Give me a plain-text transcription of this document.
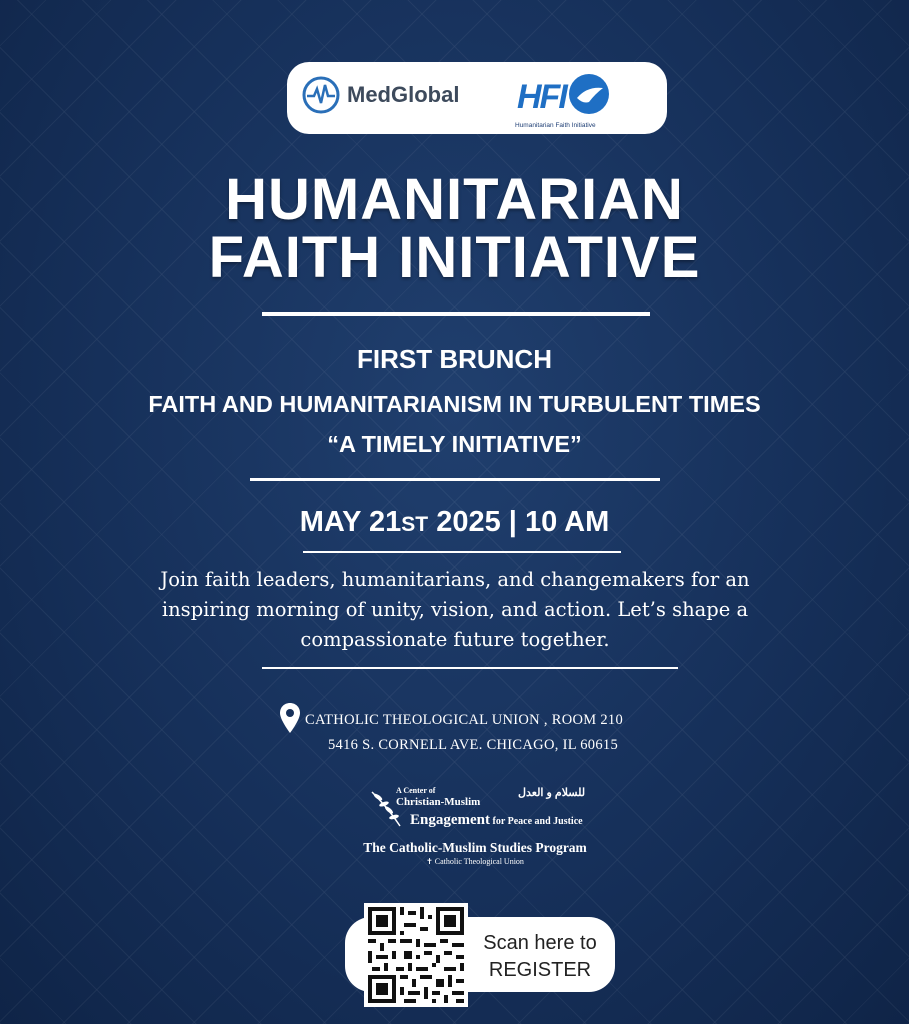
MedGlobal HFI
Humanitarian Faith Initiative
HUMANITARIAN
FAITH INITIATIVE
FIRST BRUNCH
FAITH AND HUMANITARIANISM IN TURBULENT TIMES
“A TIMELY INITIATIVE”
MAY 21ST 2025 | 10 AM
Join faith leaders, humanitarians, and changemakers for an inspiring morning of unity, vision, and action. Let’s shape a compassionate future together.
CATHOLIC THEOLOGICAL UNION , ROOM 210
5416 S. CORNELL AVE. CHICAGO, IL 60615
A Center of
Christian-Muslim
Engagement for Peace and Justice
للسلام و العدل
The Catholic-Muslim Studies Program
✝ Catholic Theological Union
Scan here to
REGISTER
